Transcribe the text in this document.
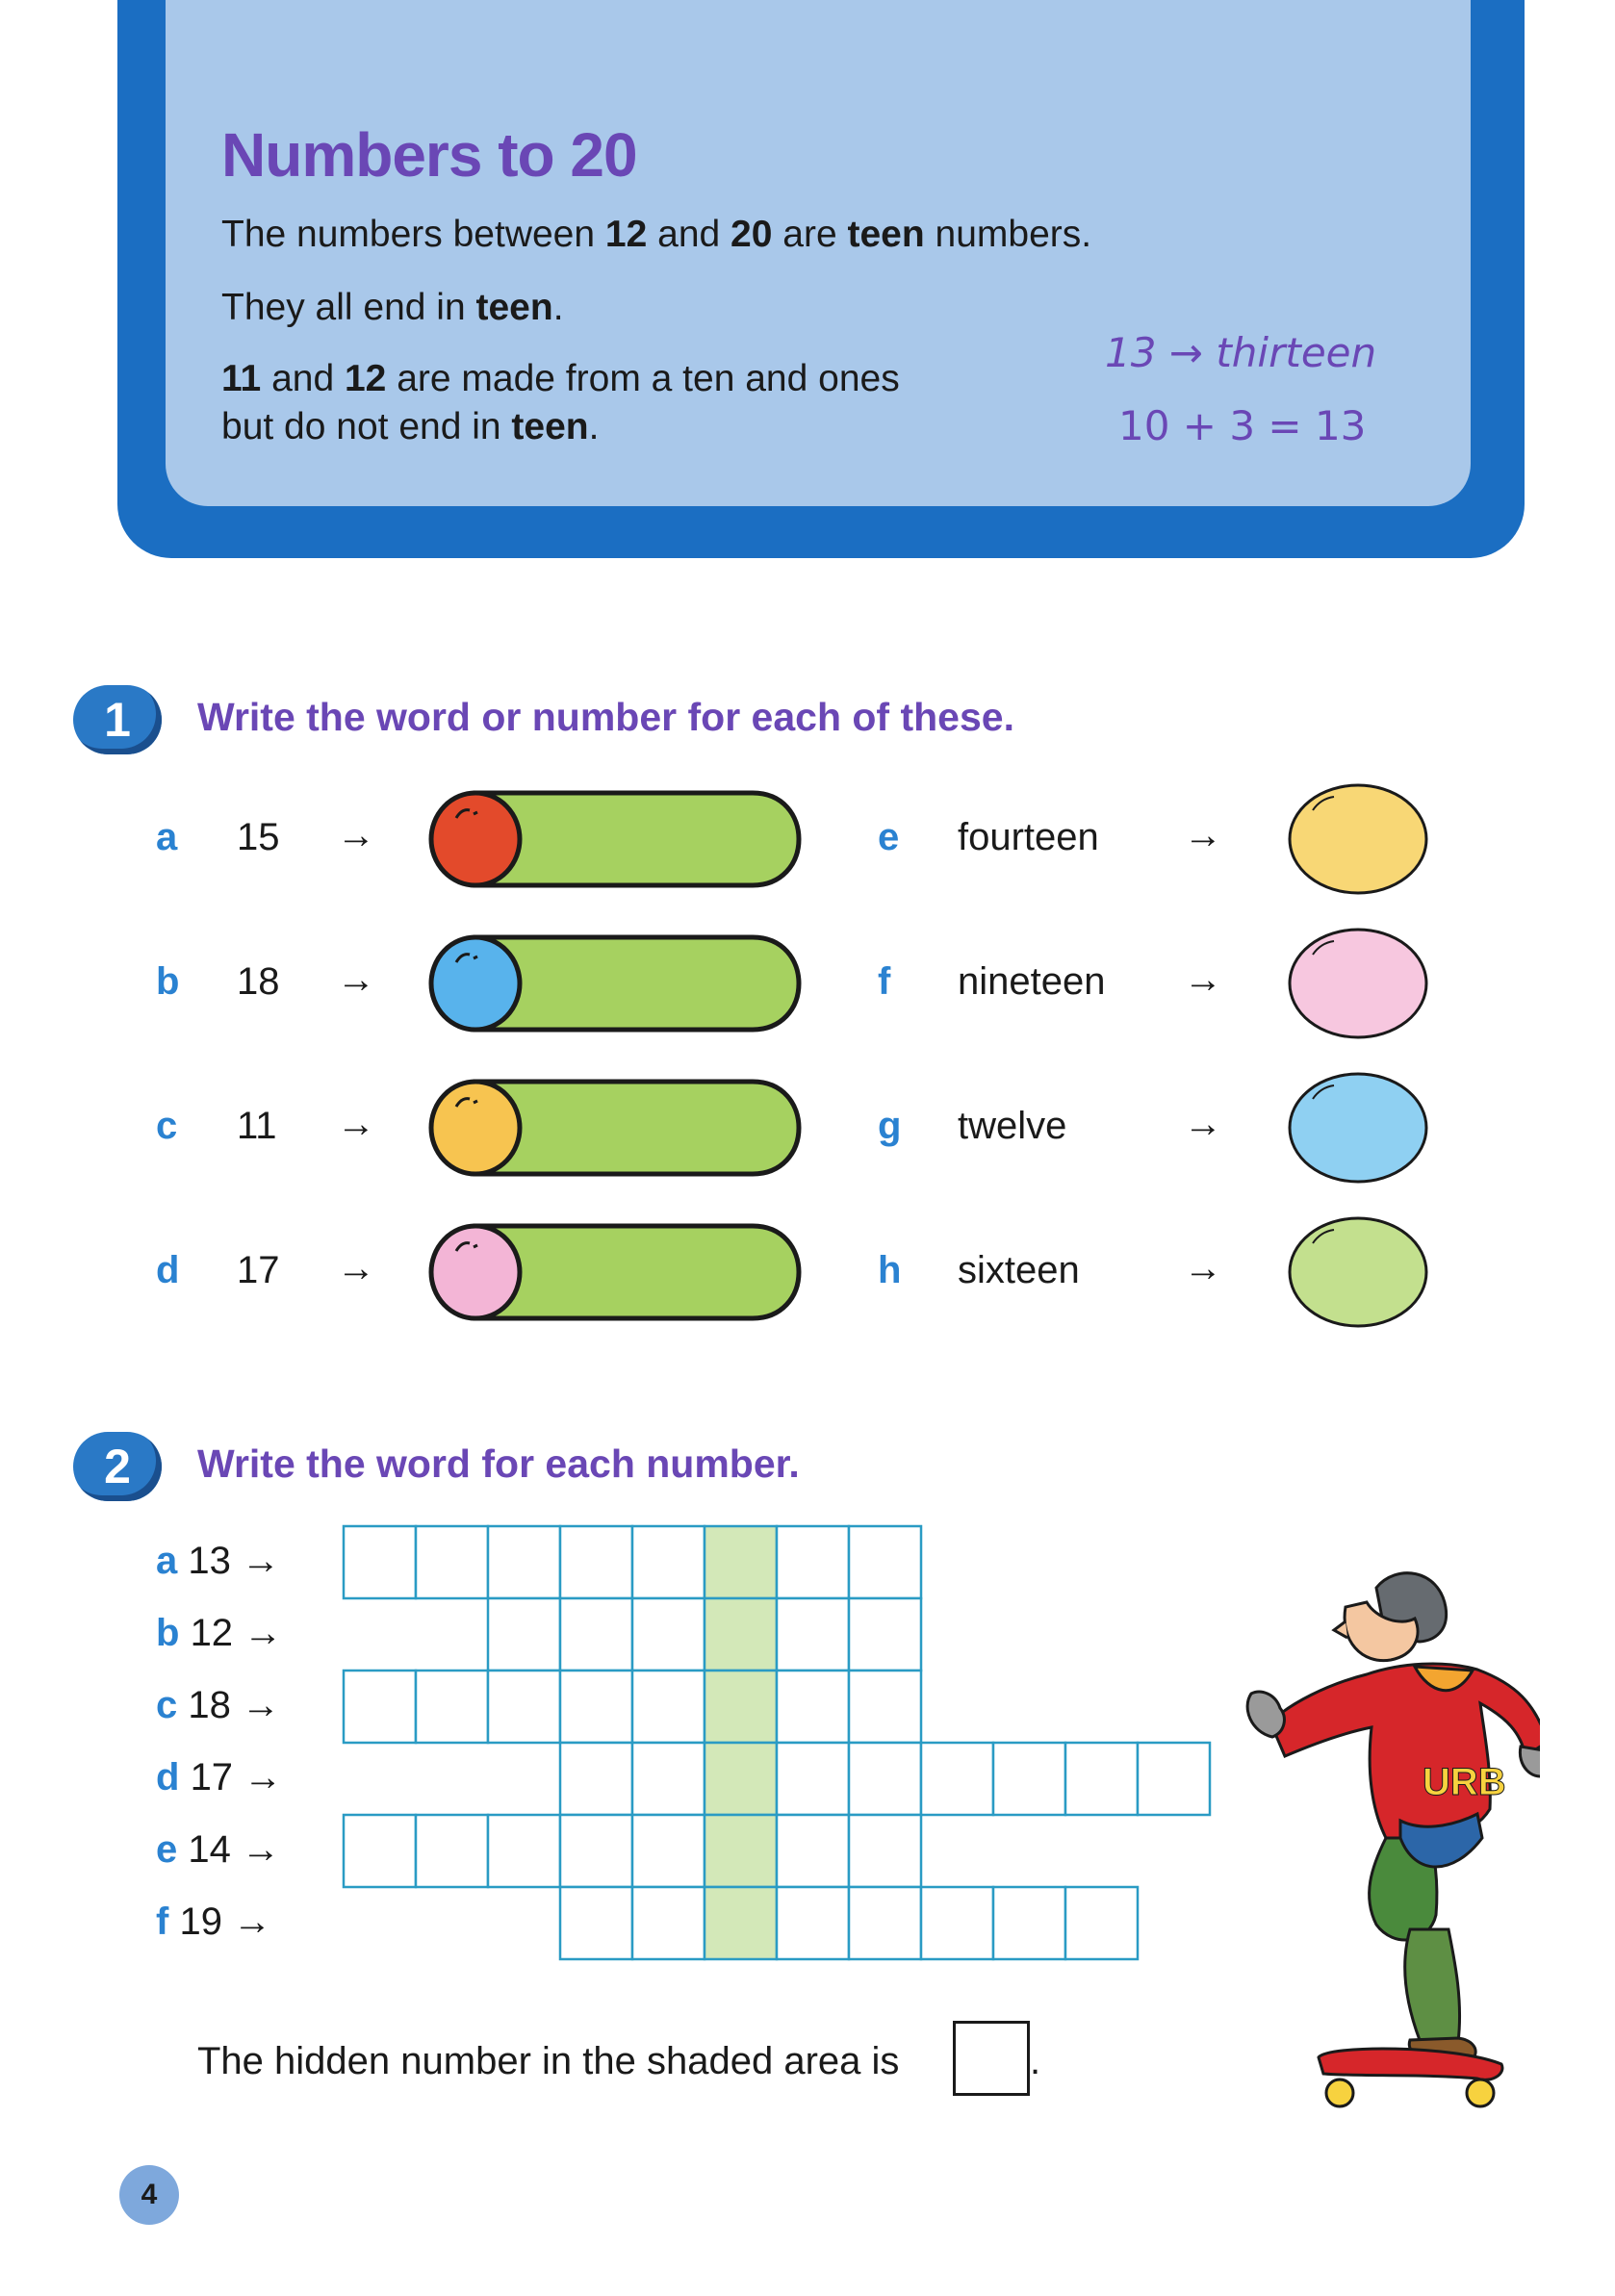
Numbers to 20

The numbers between 12 and 20 are teen numbers.

They all end in teen.

11 and 12 are made from a ten and ones

but do not end in teen.

13 → thirteen
10 + 3 = 13
1	Write the word or number for each of these.

a 15 →
b 18 →
c 11 →
d 17 →
e fourteen →
f nineteen →
g twelve	→
h sixteen	→
2	Write the word for each number.

a 13 →
b 12 →
c 18 →
d 17 →
e 14 →
f 19 →
URB
The hidden number in the shaded area is	.
4
